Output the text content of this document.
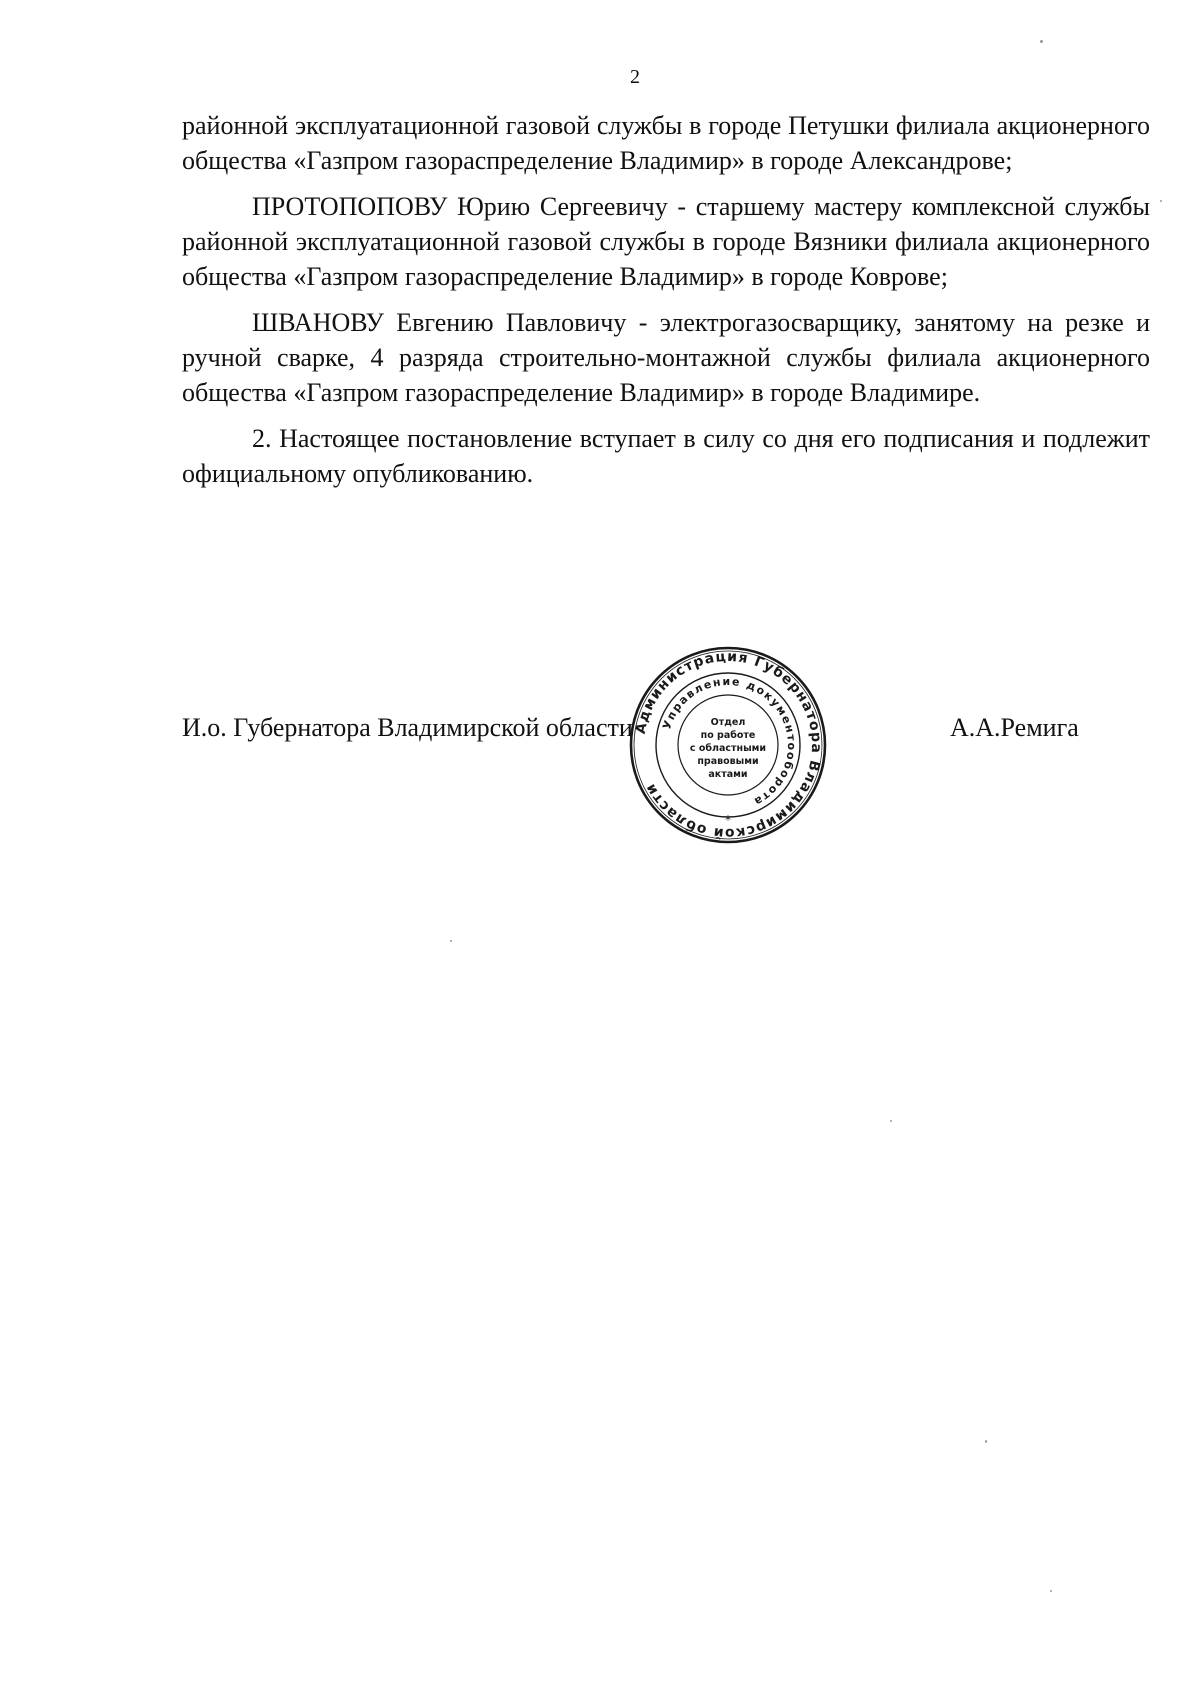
2

районной эксплуатационной газовой службы в городе Петушки филиала акционерного общества «Газпром газораспределение Владимир» в городе Александрове;

ПРОТОПОПОВУ Юрию Сергеевичу - старшему мастеру комплексной службы районной эксплуатационной газовой службы в городе Вязники филиала акционерного общества «Газпром газораспределение Владимир» в городе Коврове;

ШВАНОВУ Евгению Павловичу - электрогазосварщику, занятому на резке и ручной сварке, 4 разряда строительно-монтажной службы филиала акционерного общества «Газпром газораспределение Владимир» в городе Владимире.

2. Настоящее постановление вступает в силу со дня его подписания и подлежит официальному опубликованию.

И.о. Губернатора Владимирской области	А.А.Ремига
Администрация Губернатора Владимирской области
Управление документооборота
*
Отдел
по работе
с областными
правовыми
актами
